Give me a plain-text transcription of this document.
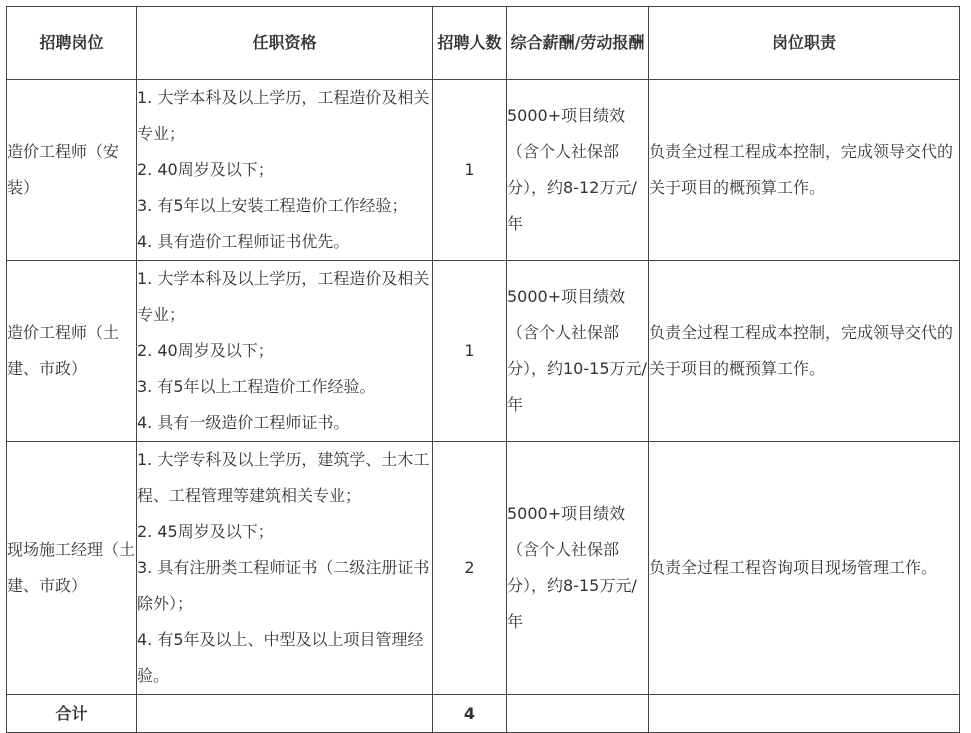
招聘岗位	任职资格	招聘人数	综合薪酬/劳动报酬	岗位职责
造价工程师（安装）	1. 大学本科及以上学历，工程造价及相关专业；
2. 40周岁及以下；
3. 有5年以上安装工程造价工作经验；
4. 具有造价工程师证书优先。	1	5000+项目绩效（含个人社保部分），约8-12万元/年	负责全过程工程成本控制，完成领导交代的关于项目的概预算工作。
造价工程师（土建、市政）	1. 大学本科及以上学历，工程造价及相关专业；
2. 40周岁及以下；
3. 有5年以上工程造价工作经验。
4. 具有一级造价工程师证书。	1	5000+项目绩效（含个人社保部分），约10-15万元/年	负责全过程工程成本控制，完成领导交代的关于项目的概预算工作。
现场施工经理（土建、市政）	1. 大学专科及以上学历，建筑学、土木工程、工程管理等建筑相关专业；
2. 45周岁及以下；
3. 具有注册类工程师证书（二级注册证书除外）；
4. 有5年及以上、中型及以上项目管理经验。	2	5000+项目绩效（含个人社保部分），约8-15万元/年	负责全过程工程咨询项目现场管理工作。
合计		4		
